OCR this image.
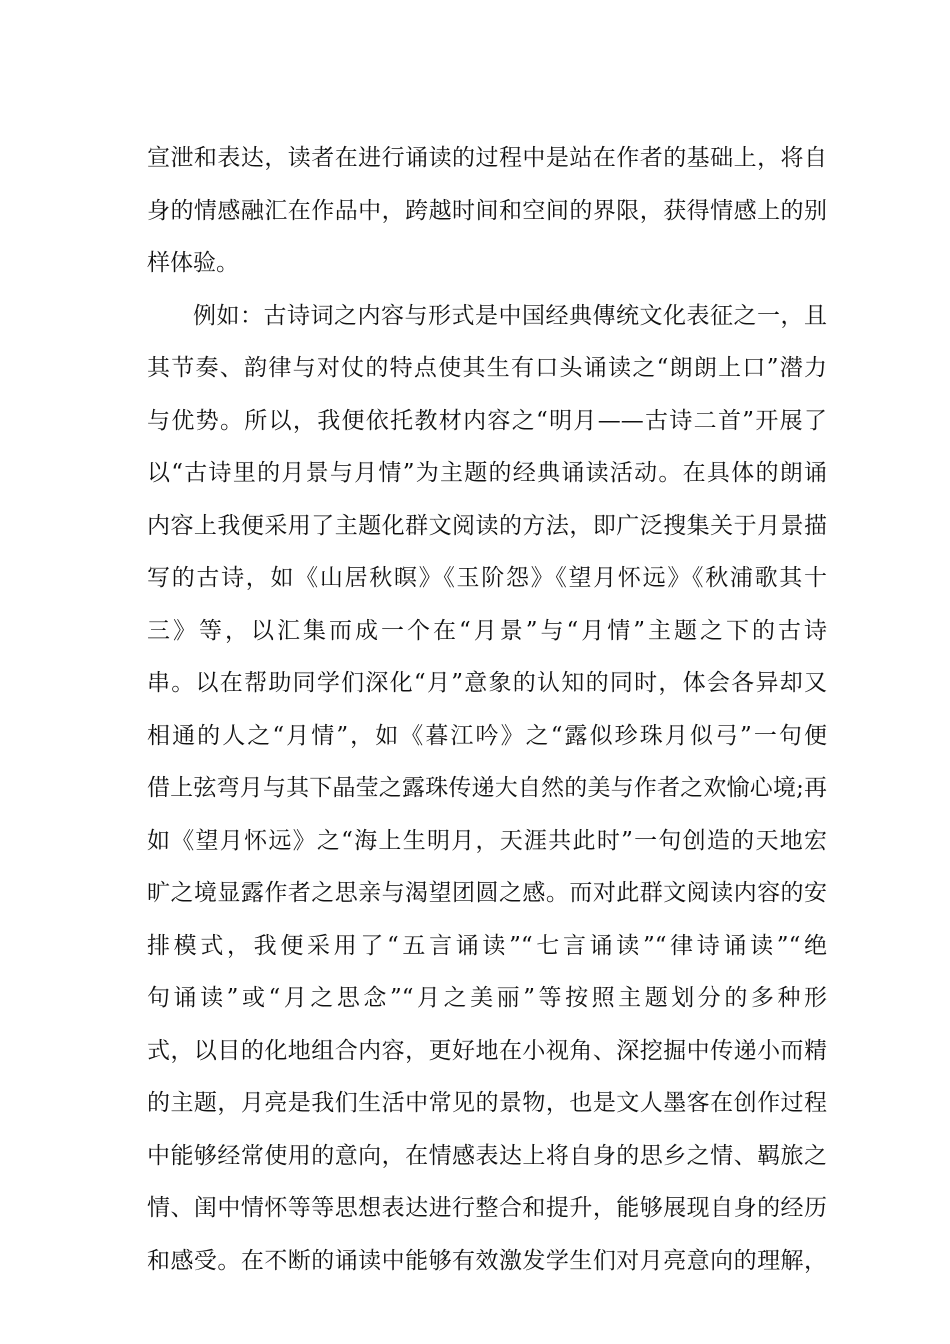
宣泄和表达，读者在进行诵读的过程中是站在作者的基础上，将自
身的情感融汇在作品中，跨越时间和空间的界限，获得情感上的别
样体验。
例如：古诗词之内容与形式是中国经典傳统文化表征之一，且
其节奏、韵律与对仗的特点使其生有口头诵读之“朗朗上口”潜力
与优势。所以，我便依托教材内容之“明月——古诗二首”开展了
以“古诗里的月景与月情”为主题的经典诵读活动。在具体的朗诵
内容上我便采用了主题化群文阅读的方法，即广泛搜集关于月景描
写的古诗，如《山居秋暝》《玉阶怨》《望月怀远》《秋浦歌其十
三》等，以汇集而成一个在“月景”与“月情”主题之下的古诗
串。以在帮助同学们深化“月”意象的认知的同时，体会各异却又
相通的人之“月情”，如《暮江吟》之“露似珍珠月似弓”一句便
借上弦弯月与其下晶莹之露珠传递大自然的美与作者之欢愉心境;再
如《望月怀远》之“海上生明月，天涯共此时”一句创造的天地宏
旷之境显露作者之思亲与渴望团圆之感。而对此群文阅读内容的安
排模式，我便采用了“五言诵读”“七言诵读”“律诗诵读”“绝
句诵读”或“月之思念”“月之美丽”等按照主题划分的多种形
式，以目的化地组合内容，更好地在小视角、深挖掘中传递小而精
的主题，月亮是我们生活中常见的景物，也是文人墨客在创作过程
中能够经常使用的意向，在情感表达上将自身的思乡之情、羁旅之
情、闺中情怀等等思想表达进行整合和提升，能够展现自身的经历
和感受。在不断的诵读中能够有效激发学生们对月亮意向的理解，
